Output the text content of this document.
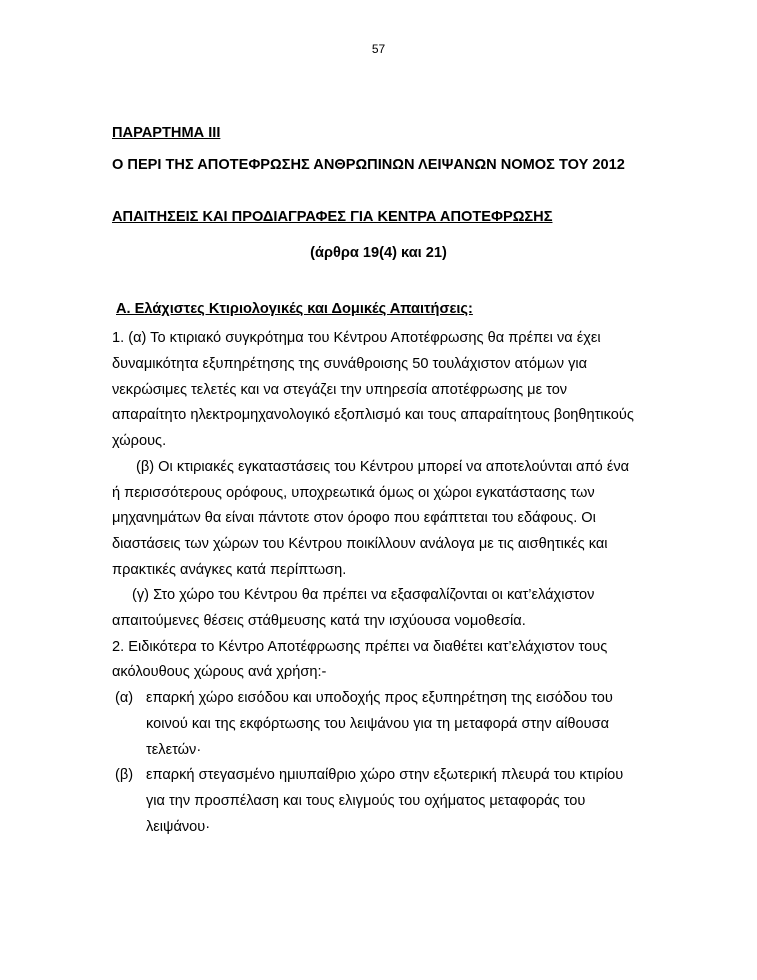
57
ΠΑΡΑΡΤΗΜΑ ΙΙΙ
Ο ΠΕΡΙ ΤΗΣ ΑΠΟΤΕΦΡΩΣΗΣ ΑΝΘΡΩΠΙΝΩΝ ΛΕΙΨΑΝΩΝ ΝΟΜΟΣ ΤΟΥ 2012
ΑΠΑΙΤΗΣΕΙΣ ΚΑΙ ΠΡΟΔΙΑΓΡΑΦΕΣ ΓΙΑ ΚΕΝΤΡΑ ΑΠΟΤΕΦΡΩΣΗΣ
(άρθρα 19(4) και 21)
Α. Ελάχιστες Κτιριολογικές και Δομικές Απαιτήσεις:
1. (α) Το κτιριακό συγκρότημα του Κέντρου Αποτέφρωσης θα πρέπει να έχει
δυναμικότητα εξυπηρέτησης της συνάθροισης 50 τουλάχιστον ατόμων για
νεκρώσιμες τελετές και να στεγάζει την υπηρεσία αποτέφρωσης με τον
απαραίτητο ηλεκτρομηχανολογικό εξοπλισμό και τους απαραίτητους βοηθητικούς
χώρους.
(β) Οι κτιριακές εγκαταστάσεις του Κέντρου μπορεί να αποτελούνται από ένα
ή περισσότερους ορόφους, υποχρεωτικά όμως οι χώροι εγκατάστασης των
μηχανημάτων θα είναι πάντοτε στον όροφο που εφάπτεται του εδάφους. Οι
διαστάσεις των χώρων του Κέντρου ποικίλλουν ανάλογα με τις αισθητικές και
πρακτικές ανάγκες κατά περίπτωση.
(γ) Στο χώρο του Κέντρου θα πρέπει να εξασφαλίζονται οι κατ’ελάχιστον
απαιτούμενες θέσεις στάθμευσης κατά την ισχύουσα νομοθεσία.
2. Ειδικότερα το Κέντρο Αποτέφρωσης πρέπει να διαθέτει κατ’ελάχιστον τους
ακόλουθους χώρους ανά χρήση:-
(α) επαρκή χώρο εισόδου και υποδοχής προς εξυπηρέτηση της εισόδου του
κοινού και της εκφόρτωσης του λειψάνου για τη μεταφορά στην αίθουσα
τελετών·
(β) επαρκή στεγασμένο ημιυπαίθριο χώρο στην εξωτερική πλευρά του κτιρίου
για την προσπέλαση και τους ελιγμούς του οχήματος μεταφοράς του
λειψάνου·
